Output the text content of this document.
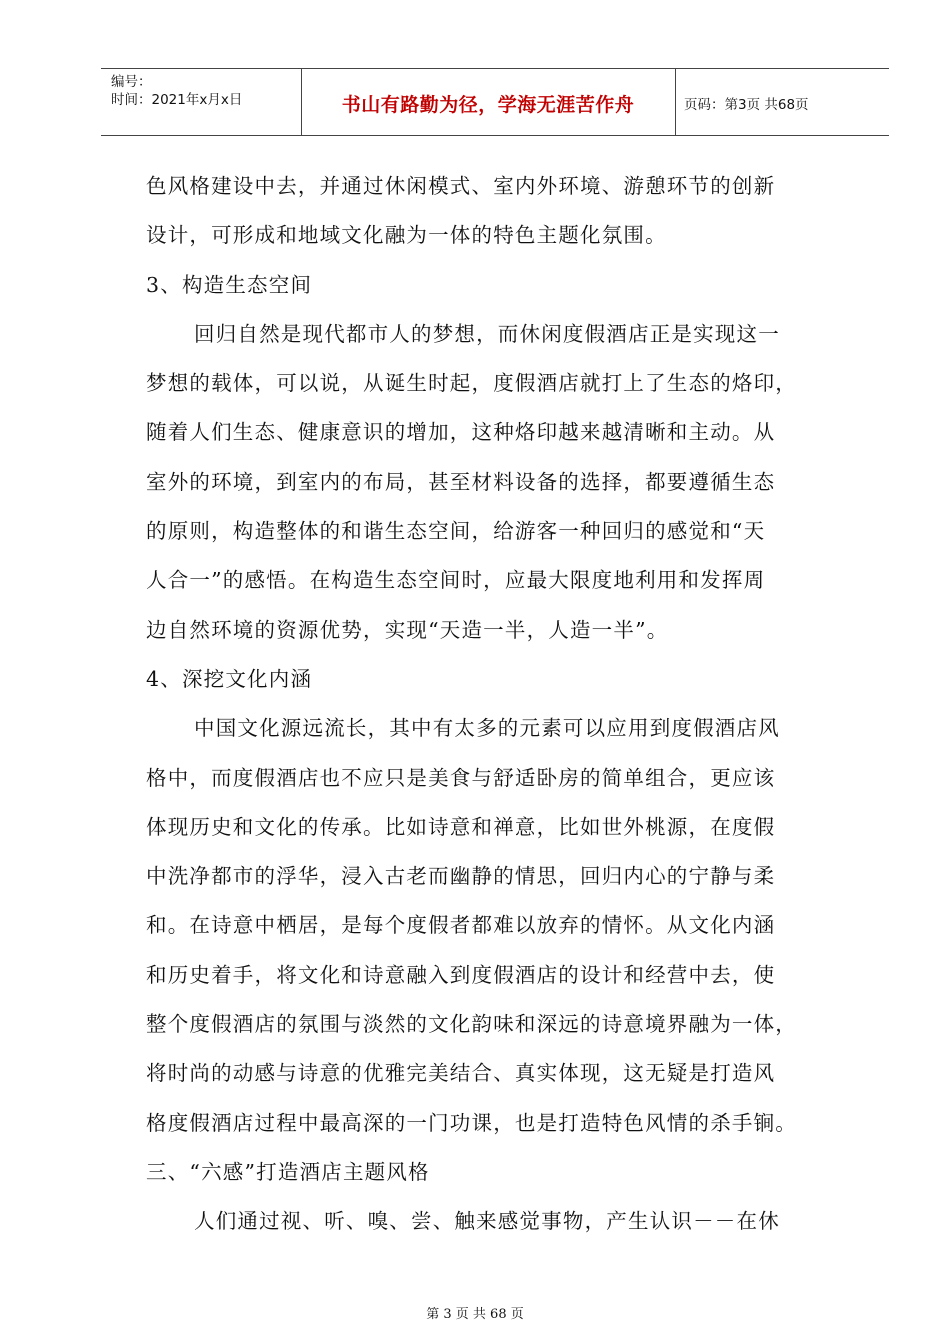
编号：
时间：2021年x月x日	书山有路勤为径，学海无涯苦作舟	页码：第3页 共68页

色风格建设中去，并通过休闲模式、室内外环境、游憩环节的创新

设计，可形成和地域文化融为一体的特色主题化氛围。

3、构造生态空间

回归自然是现代都市人的梦想，而休闲度假酒店正是实现这一

梦想的载体，可以说，从诞生时起，度假酒店就打上了生态的烙印，

随着人们生态、健康意识的增加，这种烙印越来越清晰和主动。从

室外的环境，到室内的布局，甚至材料设备的选择，都要遵循生态

的原则，构造整体的和谐生态空间，给游客一种回归的感觉和“天

人合一”的感悟。在构造生态空间时，应最大限度地利用和发挥周

边自然环境的资源优势，实现“天造一半，人造一半”。

4、深挖文化内涵

中国文化源远流长，其中有太多的元素可以应用到度假酒店风

格中，而度假酒店也不应只是美食与舒适卧房的简单组合，更应该

体现历史和文化的传承。比如诗意和禅意，比如世外桃源，在度假

中洗净都市的浮华，浸入古老而幽静的情思，回归内心的宁静与柔

和。在诗意中栖居，是每个度假者都难以放弃的情怀。从文化内涵

和历史着手，将文化和诗意融入到度假酒店的设计和经营中去，使

整个度假酒店的氛围与淡然的文化韵味和深远的诗意境界融为一体，

将时尚的动感与诗意的优雅完美结合、真实体现，这无疑是打造风

格度假酒店过程中最高深的一门功课，也是打造特色风情的杀手锏。

三、“六感”打造酒店主题风格

人们通过视、听、嗅、尝、触来感觉事物，产生认识－－在休

第 3 页 共 68 页
